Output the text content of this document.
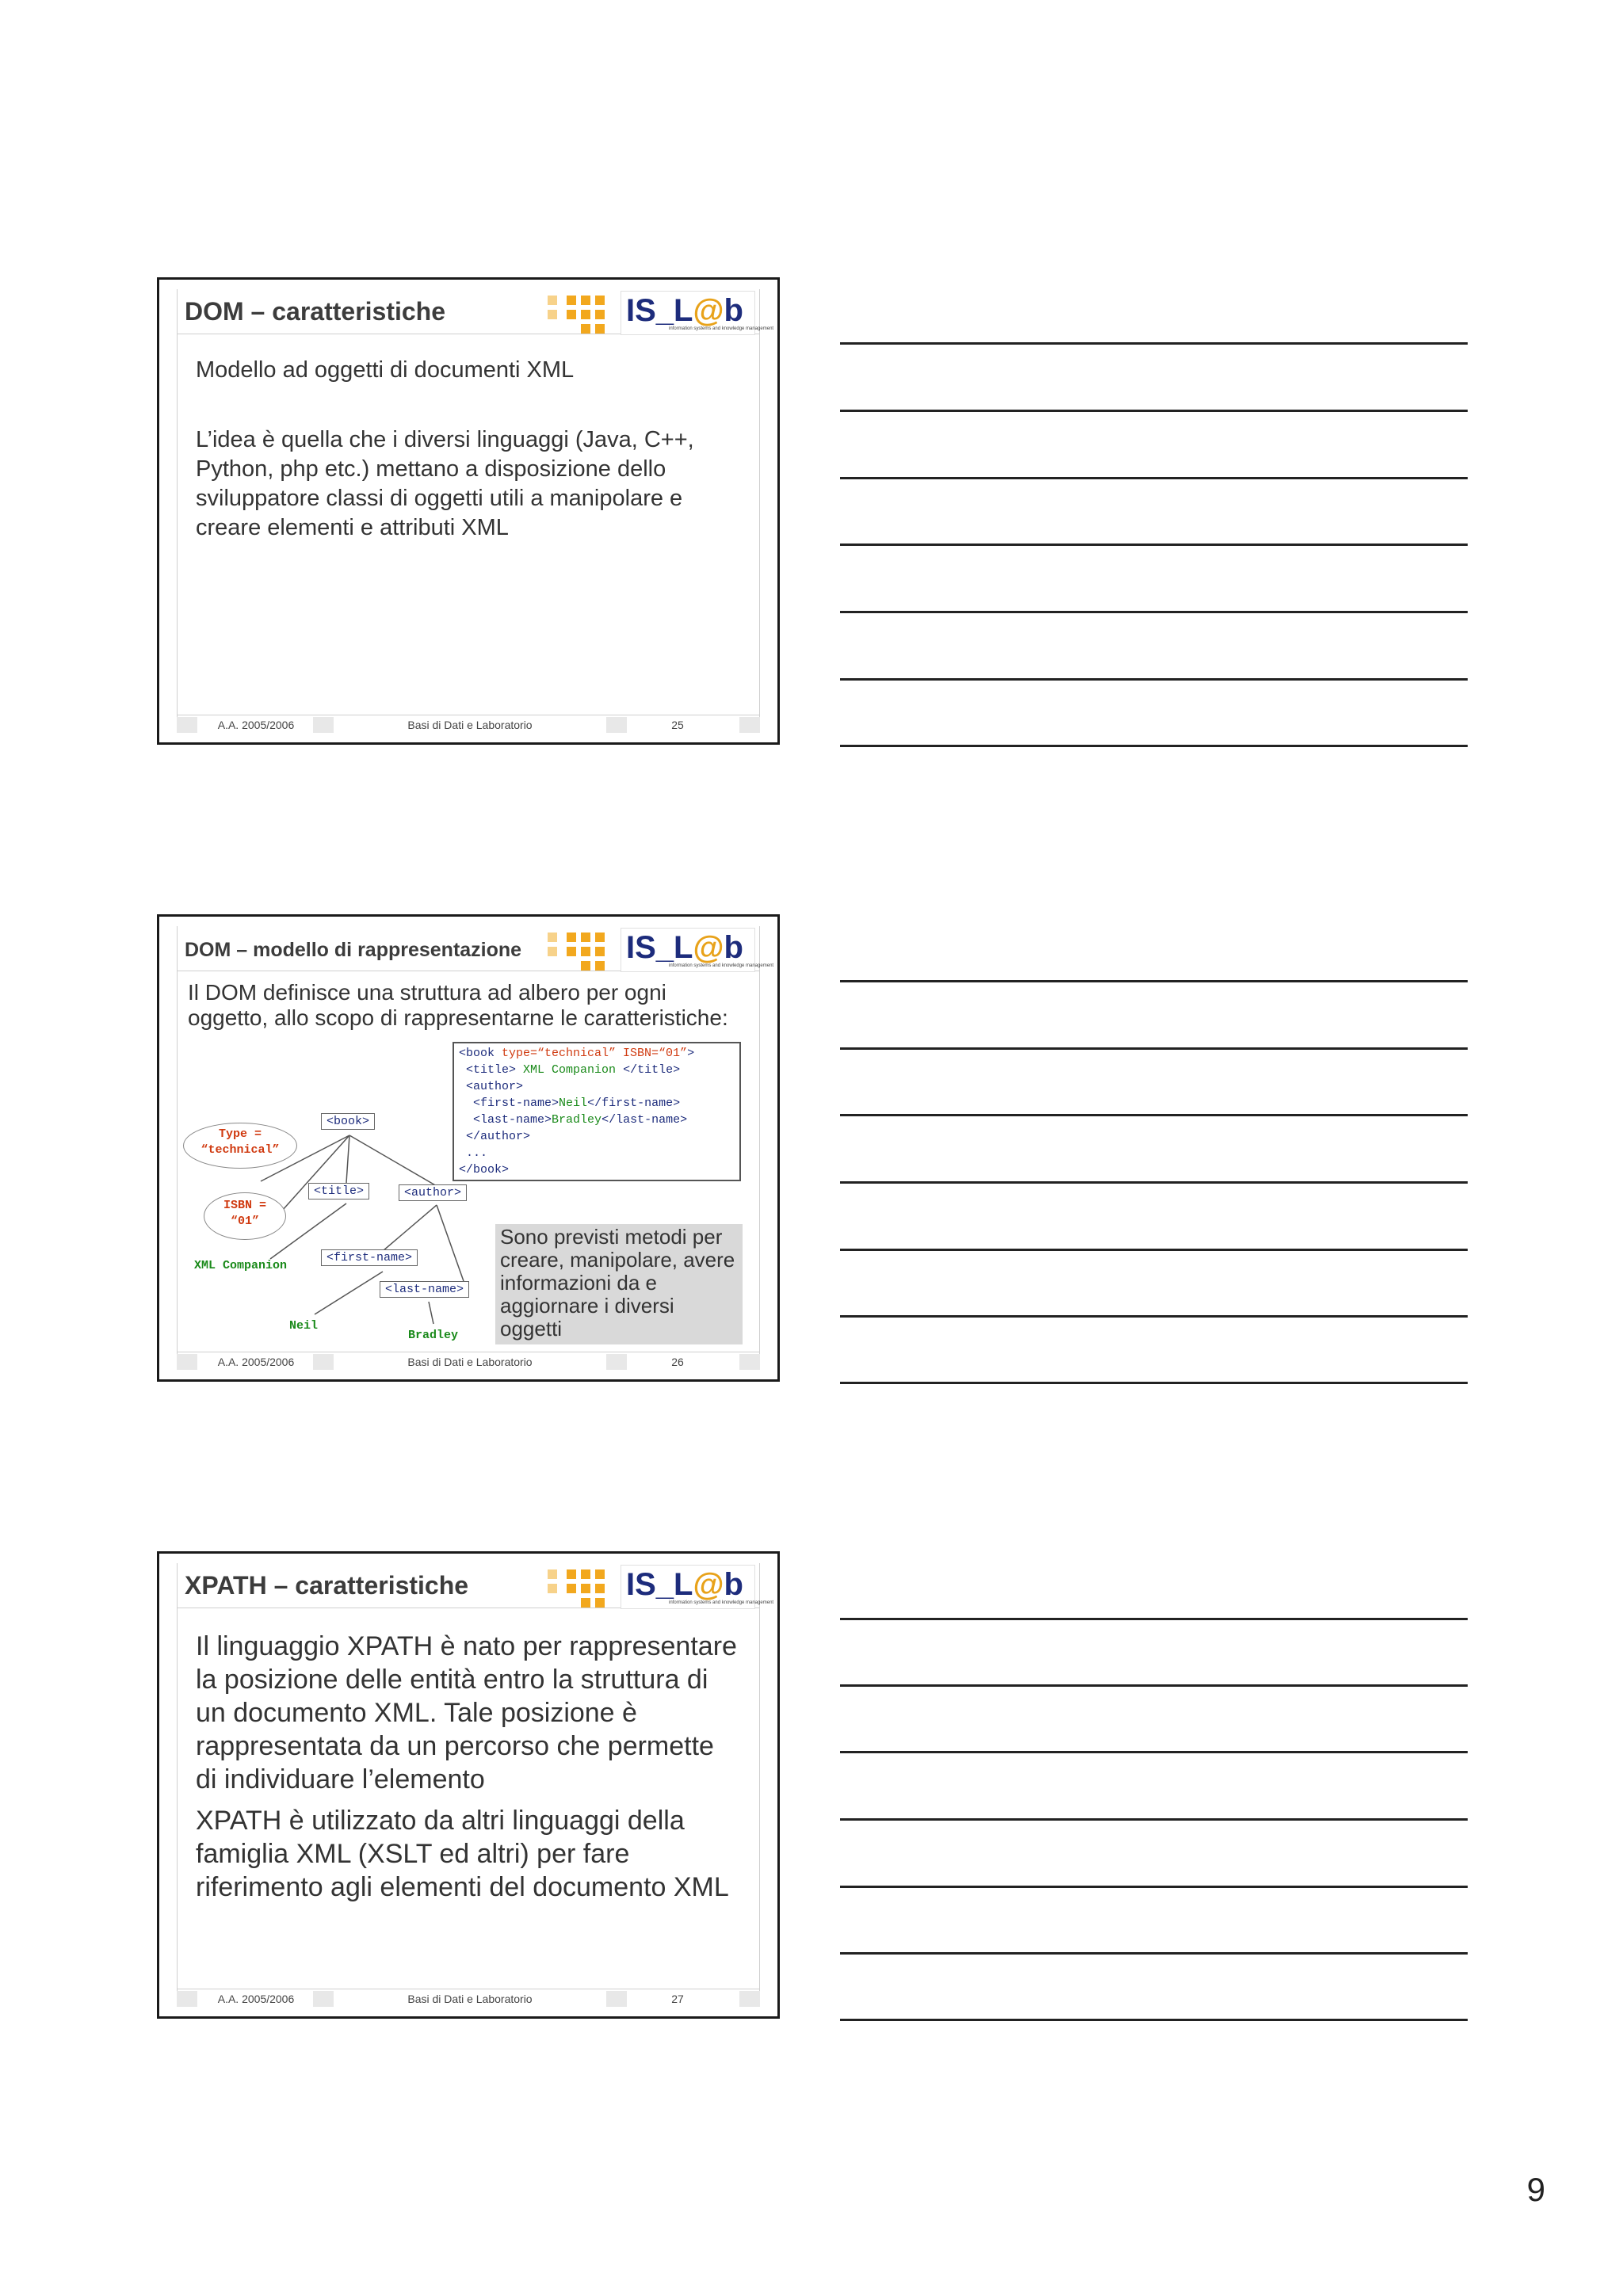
DOM – caratteristiche	IS_L@b
information systems and knowledge management
Modello ad oggetti di documenti XML
L’idea è quella che i diversi linguaggi (Java, C++, Python, php etc.) mettano a disposizione dello sviluppatore classi di oggetti utili a manipolare e creare elementi e attributi XML
A.A. 2005/2006	Basi di Dati e Laboratorio	25
DOM – modello di rappresentazione	IS_L@b
information systems and knowledge management
Il DOM definisce una struttura ad albero per ogni oggetto, allo scopo di rappresentarne le caratteristiche:
<book type=“technical” ISBN=“01”>
<title> XML Companion </title>
<author>
<first-name>Neil</first-name>
<last-name>Bradley</last-name>
</author>
...
</book>
<book>
Type =
“technical”
ISBN =
“01”
<title>	<author>
XML Companion
<first-name>
<last-name>
Neil
Bradley
Sono previsti metodi per creare, manipolare, avere informazioni da e aggiornare i diversi oggetti
A.A. 2005/2006	Basi di Dati e Laboratorio	26
XPATH – caratteristiche	IS_L@b
information systems and knowledge management
Il linguaggio XPATH è nato per rappresentare la posizione delle entità entro la struttura di un documento XML. Tale posizione è rappresentata da un percorso che permette di individuare l’elemento
XPATH è utilizzato da altri linguaggi della famiglia XML (XSLT ed altri) per fare riferimento agli elementi del documento XML
A.A. 2005/2006	Basi di Dati e Laboratorio	27
9
